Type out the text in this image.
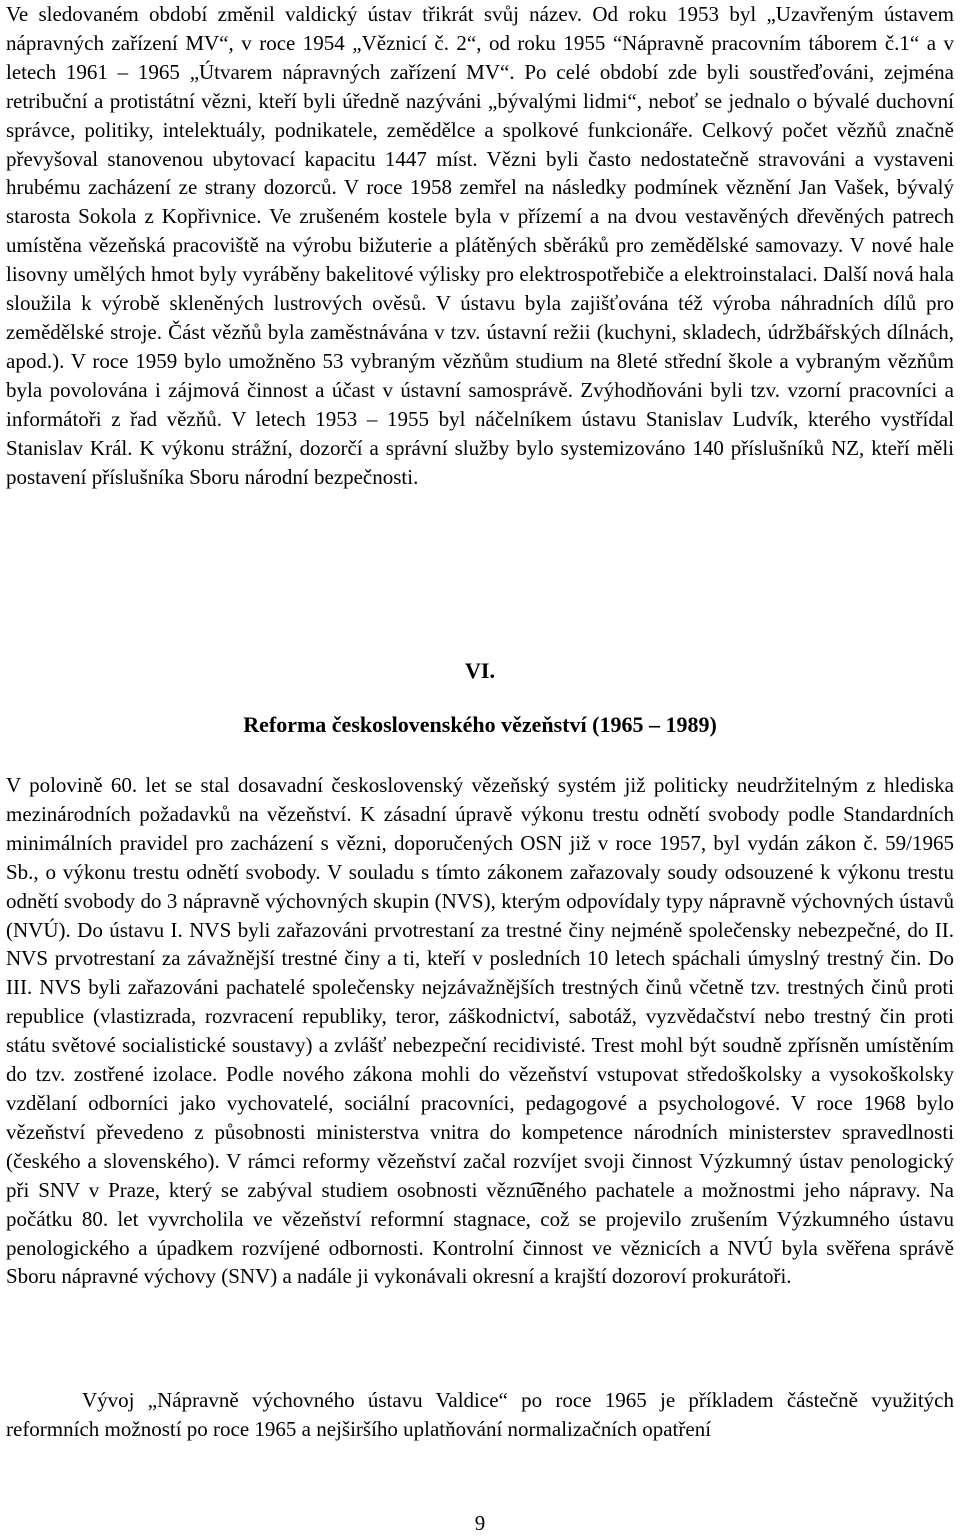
Ve sledovaném období změnil valdický ústav třikrát svůj název. Od roku 1953 byl „Uzavřeným ústavem nápravných zařízení MV“, v roce 1954 „Věznicí č. 2“, od roku 1955 “Nápravně pracovním táborem č.1“ a v letech 1961 – 1965 „Útvarem nápravných zařízení MV“. Po celé období zde byli soustřeďováni, zejména retribuční a protistátní vězni, kteří byli úředně nazýváni „bývalými lidmi“, neboť se jednalo o bývalé duchovní správce, politiky, intelektuály, podnikatele, zemědělce a spolkové funkcionáře. Celkový počet vězňů značně převyšoval stanovenou ubytovací kapacitu 1447 míst. Vězni byli často nedostatečně stravováni a vystaveni hrubému zacházení ze strany dozorců. V roce 1958 zemřel na následky podmínek věznění Jan Vašek, bývalý starosta Sokola z Kopřivnice. Ve zrušeném kostele byla v přízemí a na dvou vestavěných dřevěných patrech umístěna vězeňská pracoviště na výrobu bižuterie a plátěných sběráků pro zemědělské samovazy. V nové hale lisovny umělých hmot byly vyráběny bakelitové výlisky pro elektrospotřebiče a elektroinstalaci. Další nová hala sloužila k výrobě skleněných lustrových ověsů. V ústavu byla zajišťována též výroba náhradních dílů pro zemědělské stroje. Část vězňů byla zaměstnávána v tzv. ústavní režii (kuchyni, skladech, údržbářských dílnách, apod.). V roce 1959 bylo umožněno 53 vybraným vězňům studium na 8leté střední škole a vybraným vězňům byla povolována i zájmová činnost a účast v ústavní samosprávě. Zvýhodňováni byli tzv. vzorní pracovníci a informátoři z řad vězňů. V letech 1953 – 1955 byl náčelníkem ústavu Stanislav Ludvík, kterého vystřídal Stanislav Král. K výkonu strážní, dozorčí a správní služby bylo systemizováno 140 příslušníků NZ, kteří měli postavení příslušníka Sboru národní bezpečnosti.

VI.

Reforma československého vězeňství (1965 – 1989)

V polovině 60. let se stal dosavadní československý vězeňský systém již politicky neudržitelným z hlediska mezinárodních požadavků na vězeňství. K zásadní úpravě výkonu trestu odnětí svobody podle Standardních minimálních pravidel pro zacházení s vězni, doporučených OSN již v roce 1957, byl vydán zákon č. 59/1965 Sb., o výkonu trestu odnětí svobody. V souladu s tímto zákonem zařazovaly soudy odsouzené k výkonu trestu odnětí svobody do 3 nápravně výchovných skupin (NVS), kterým odpovídaly typy nápravně výchovných ústavů (NVÚ). Do ústavu I. NVS byli zařazováni prvotrestaní za trestné činy nejméně společensky nebezpečné, do II. NVS prvotrestaní za závažnější trestné činy a ti, kteří v posledních 10 letech spáchali úmyslný trestný čin. Do III. NVS byli zařazováni pachatelé společensky nejzávažnějších trestných činů včetně tzv. trestných činů proti republice (vlastizrada, rozvracení republiky, teror, záškodnictví, sabotáž, vyzvědačství nebo trestný čin proti státu světové socialistické soustavy) a zvlášť nebezpeční recidivisté. Trest mohl být soudně zpřísněn umístěním do tzv. zostřené izolace. Podle nového zákona mohli do vězeňství vstupovat středoškolsky a vysokoškolsky vzdělaní odborníci jako vychovatelé, sociální pracovníci, pedagogové a psychologové. V roce 1968 bylo vězeňství převedeno z působnosti ministerstva vnitra do kompetence národních ministerstev spravedlnosti (českého a slovenského). V rámci reformy vězeňství začal rozvíjet svoji činnost Výzkumný ústav penologický při SNV v Praze, který se zabýval studiem osobnosti věznu͡ěného pachatele a možnostmi jeho nápravy. Na počátku 80. let vyvrcholila ve vězeňství reformní stagnace, což se projevilo zrušením Výzkumného ústavu penologického a úpadkem rozvíjené odbornosti. Kontrolní činnost ve věznicích a NVÚ byla svěřena správě Sboru nápravné výchovy (SNV) a nadále ji vykonávali okresní a krajští dozoroví prokurátoři.

Vývoj „Nápravně výchovného ústavu Valdice“ po roce 1965 je příkladem částečně využitých reformních možností po roce 1965 a nejširšího uplatňování normalizačních opatření

9
